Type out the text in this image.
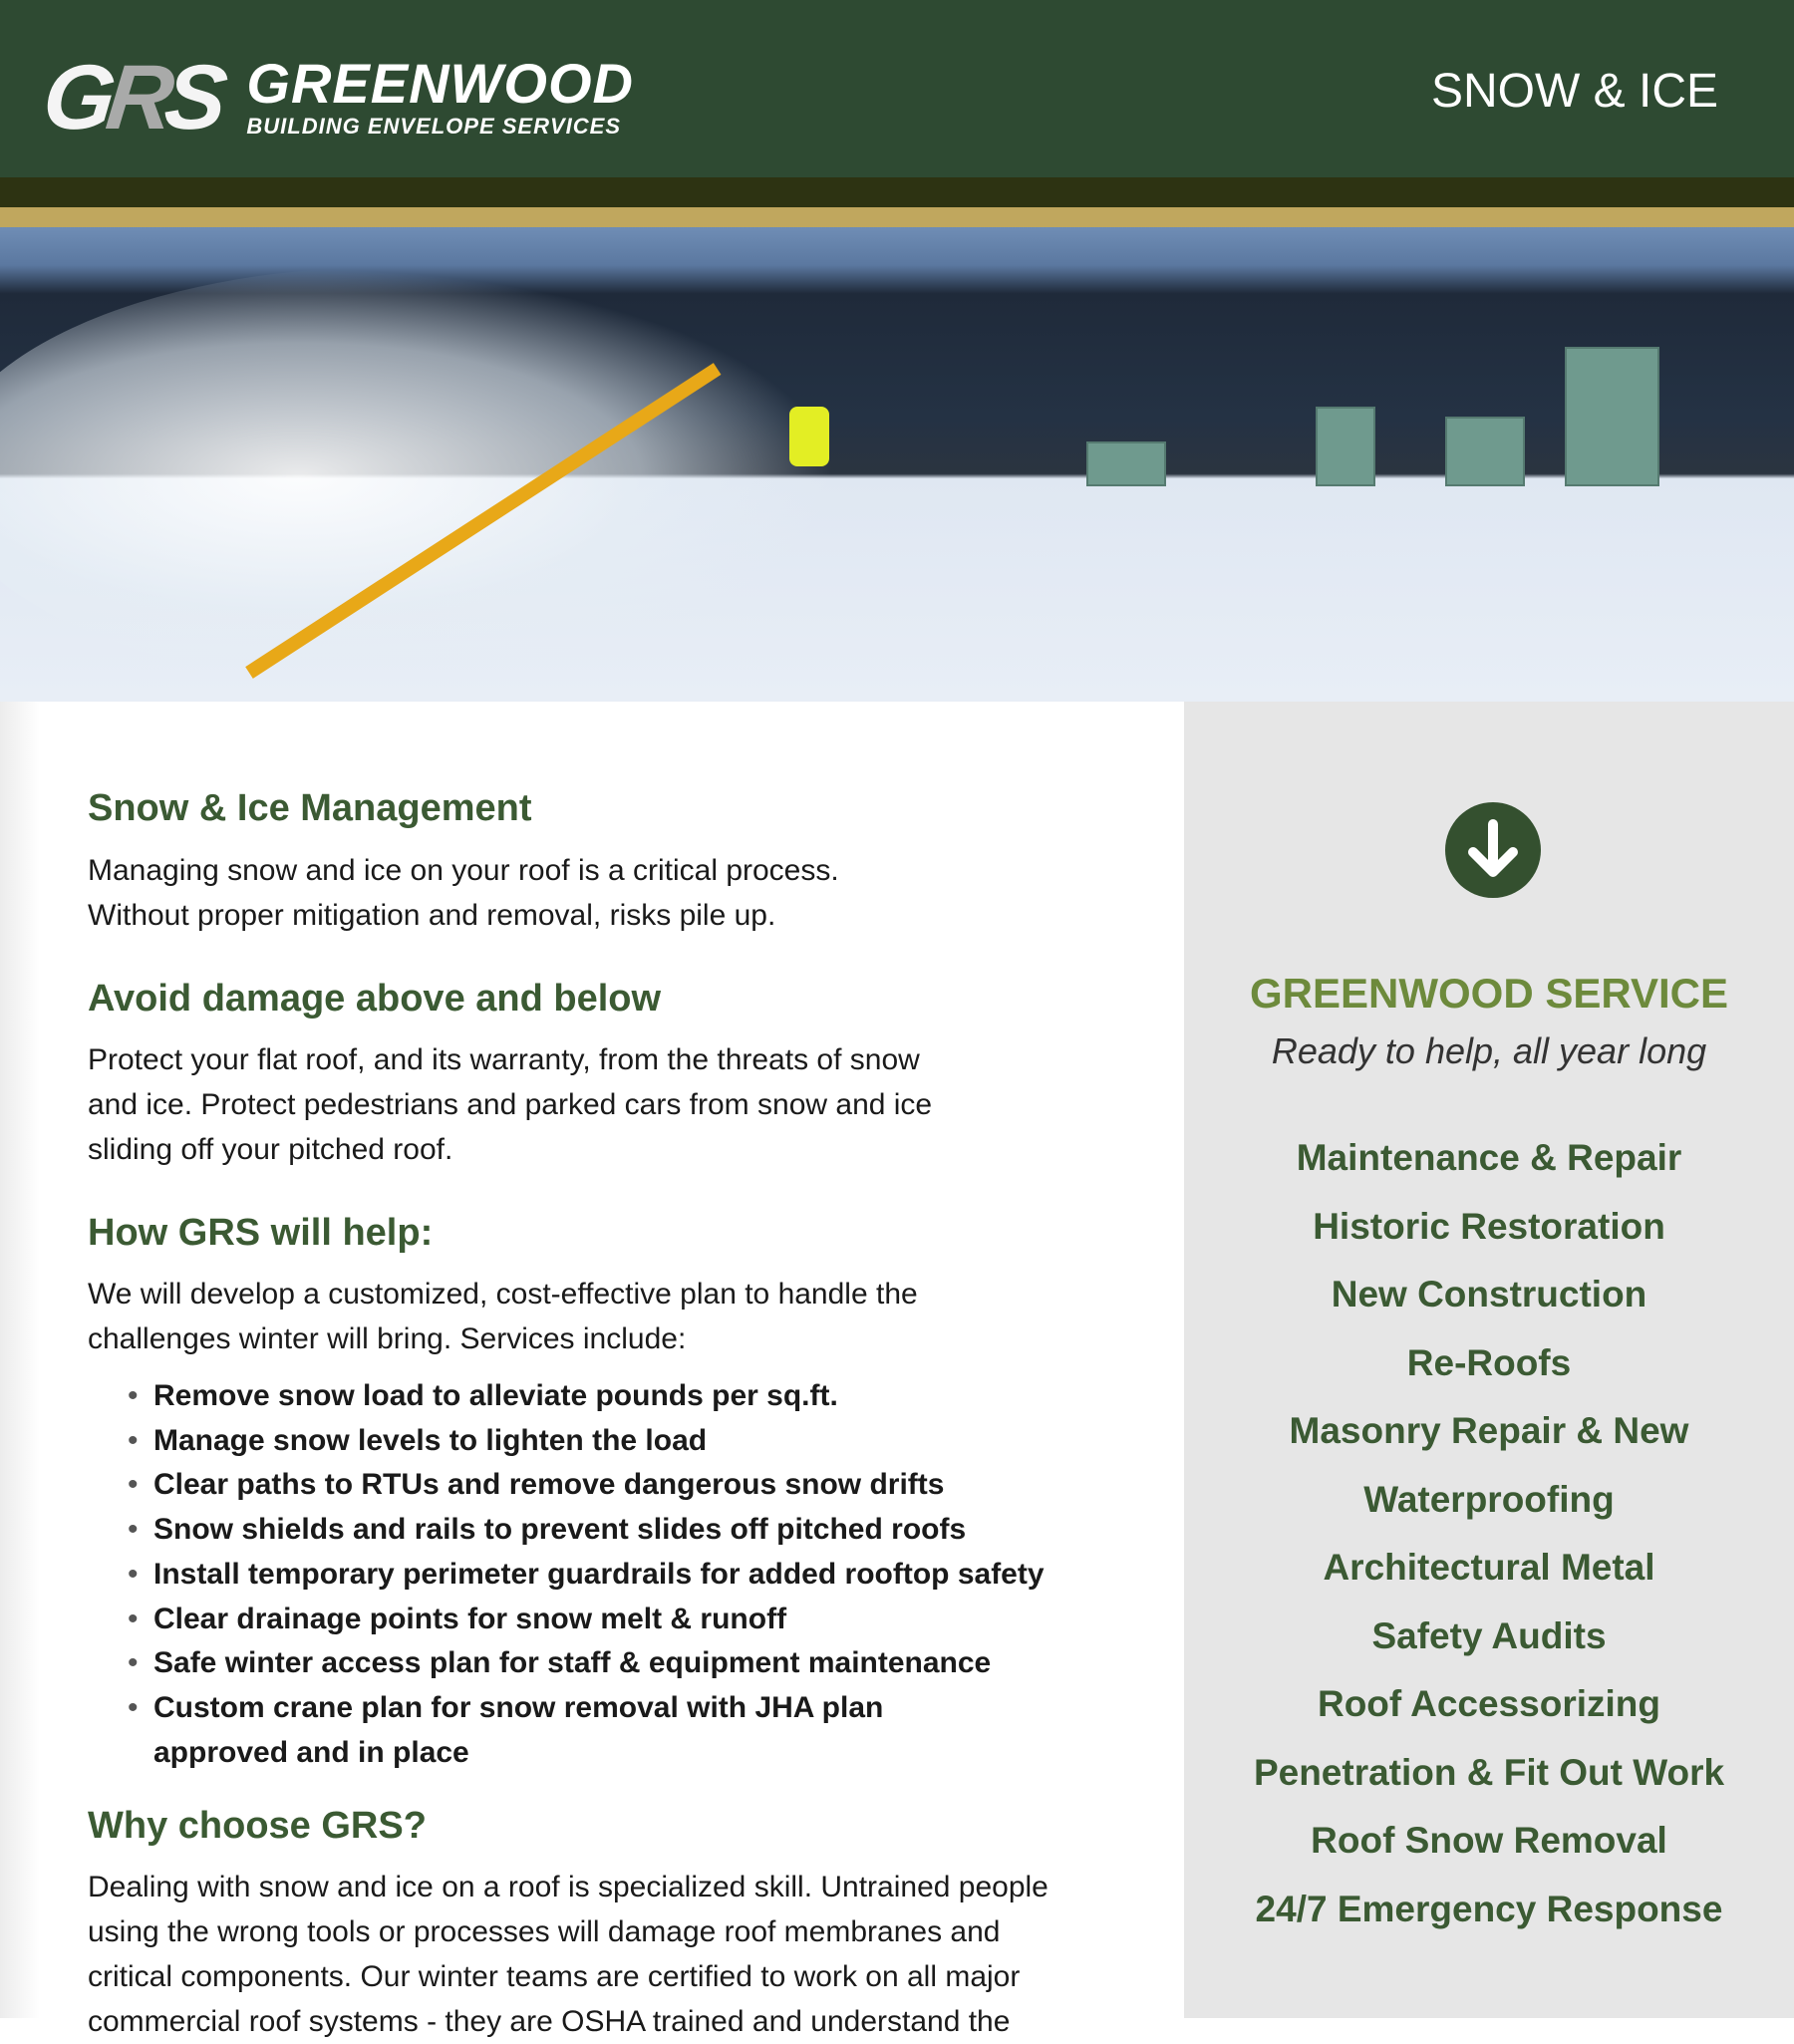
GRS GREENWOOD
BUILDING ENVELOPE SERVICES
SNOW & ICE
Snow & Ice Management
Managing snow and ice on your roof is a critical process.
Without proper mitigation and removal, risks pile up.
Avoid damage above and below
Protect your flat roof, and its warranty, from the threats of snow
and ice. Protect pedestrians and parked cars from snow and ice
sliding off your pitched roof.
How GRS will help:
We will develop a customized, cost-effective plan to handle the
challenges winter will bring. Services include:
• Remove snow load to alleviate pounds per sq.ft.
• Manage snow levels to lighten the load
• Clear paths to RTUs and remove dangerous snow drifts
• Snow shields and rails to prevent slides off pitched roofs
• Install temporary perimeter guardrails for added rooftop safety
• Clear drainage points for snow melt & runoff
• Safe winter access plan for staff & equipment maintenance
• Custom crane plan for snow removal with JHA plan
approved and in place
Why choose GRS?
Dealing with snow and ice on a roof is specialized skill. Untrained people
using the wrong tools or processes will damage roof membranes and
critical components. Our winter teams are certified to work on all major
commercial roof systems - they are OSHA trained and understand the
GREENWOOD SERVICE
Ready to help, all year long
Maintenance & Repair
Historic Restoration
New Construction
Re-Roofs
Masonry Repair & New
Waterproofing
Architectural Metal
Safety Audits
Roof Accessorizing
Penetration & Fit Out Work
Roof Snow Removal
24/7 Emergency Response
